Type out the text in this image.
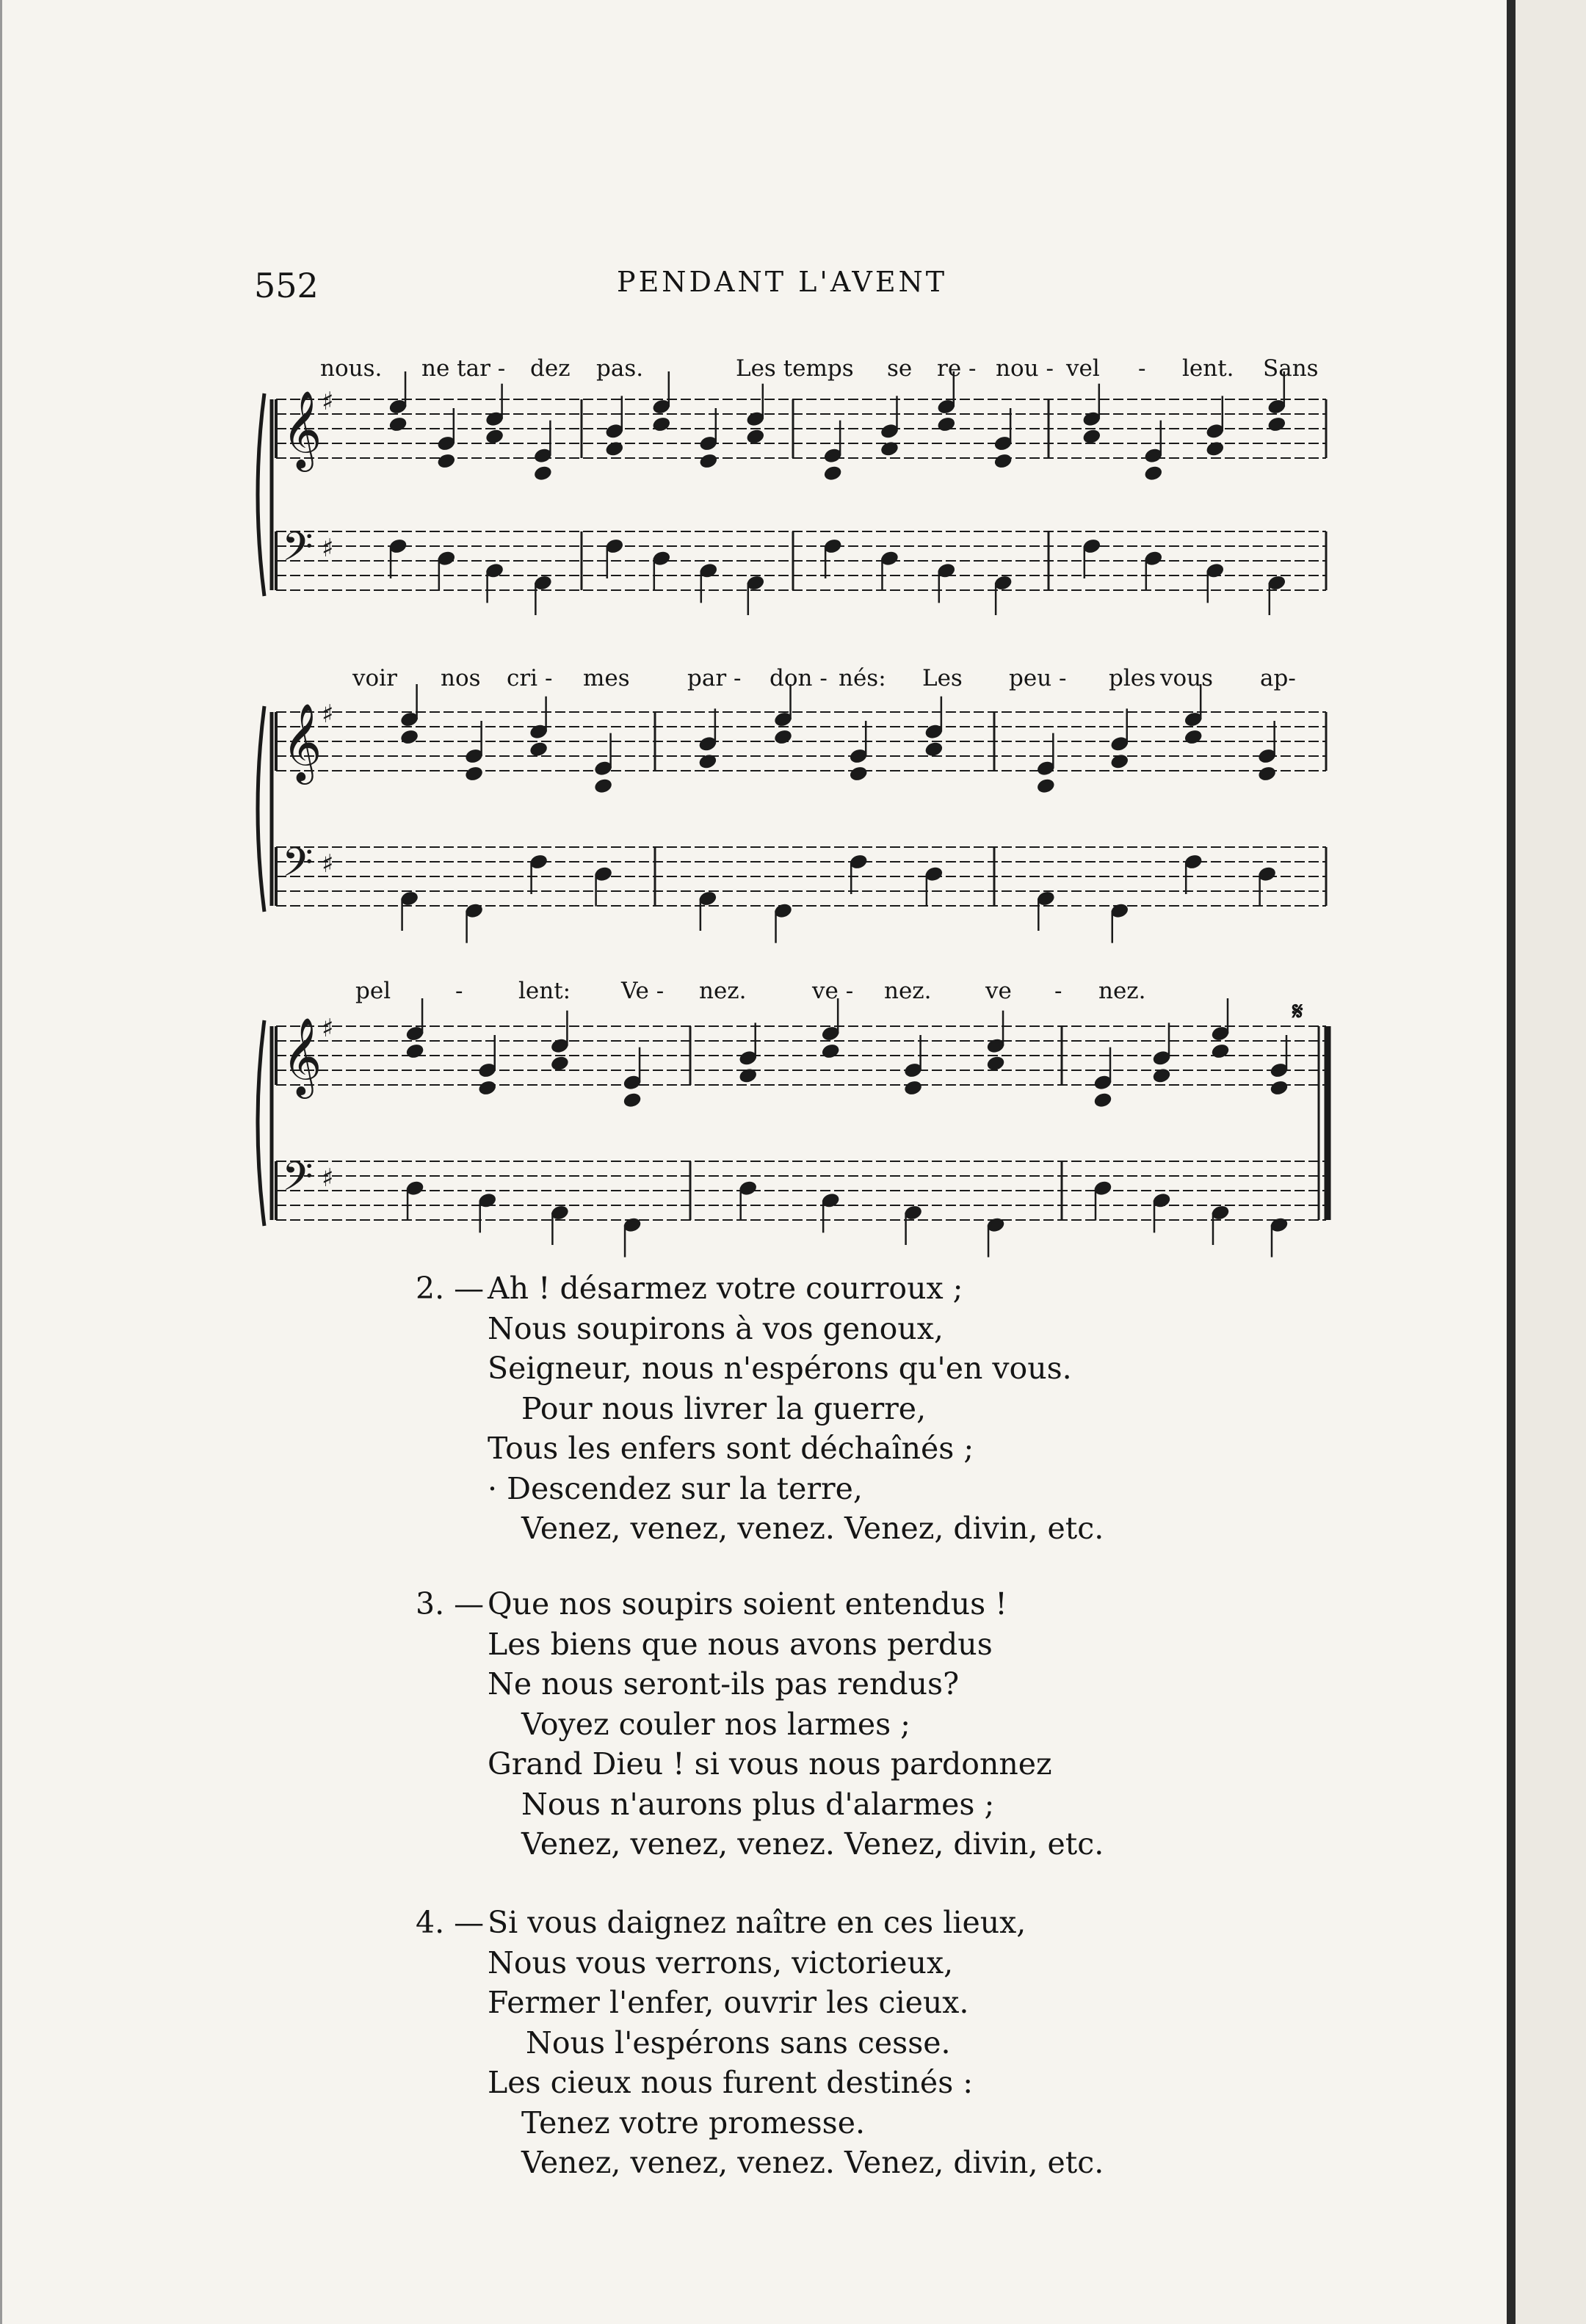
552	PENDANT L'AVENT
nous. ne tar - dez pas.	Les temps se re - nou - vel - lent. Sans
voir nos cri - mes	par - don - nés: Les peu - ples vous ap-
pel	- lent: Ve - nez.	ve - nez. ve - nez.
𝄋
𝄞 ♯
𝄢 ♯
𝄞 ♯
𝄢 ♯
𝄞 ♯
𝄢 ♯
2. — Ah ! désarmez votre courroux ;
Nous soupirons à vos genoux,
Seigneur, nous n'espérons qu'en vous.
Pour nous livrer la guerre,
Tous les enfers sont déchaînés ;
· Descendez sur la terre,
Venez, venez, venez. Venez, divin, etc.
3. — Que nos soupirs soient entendus !
Les biens que nous avons perdus
Ne nous seront-ils pas rendus?
Voyez couler nos larmes ;
Grand Dieu ! si vous nous pardonnez
Nous n'aurons plus d'alarmes ;
Venez, venez, venez. Venez, divin, etc.
4. — Si vous daignez naître en ces lieux,
Nous vous verrons, victorieux,
Fermer l'enfer, ouvrir les cieux.
Nous l'espérons sans cesse.
Les cieux nous furent destinés :
Tenez votre promesse.
Venez, venez, venez. Venez, divin, etc.
